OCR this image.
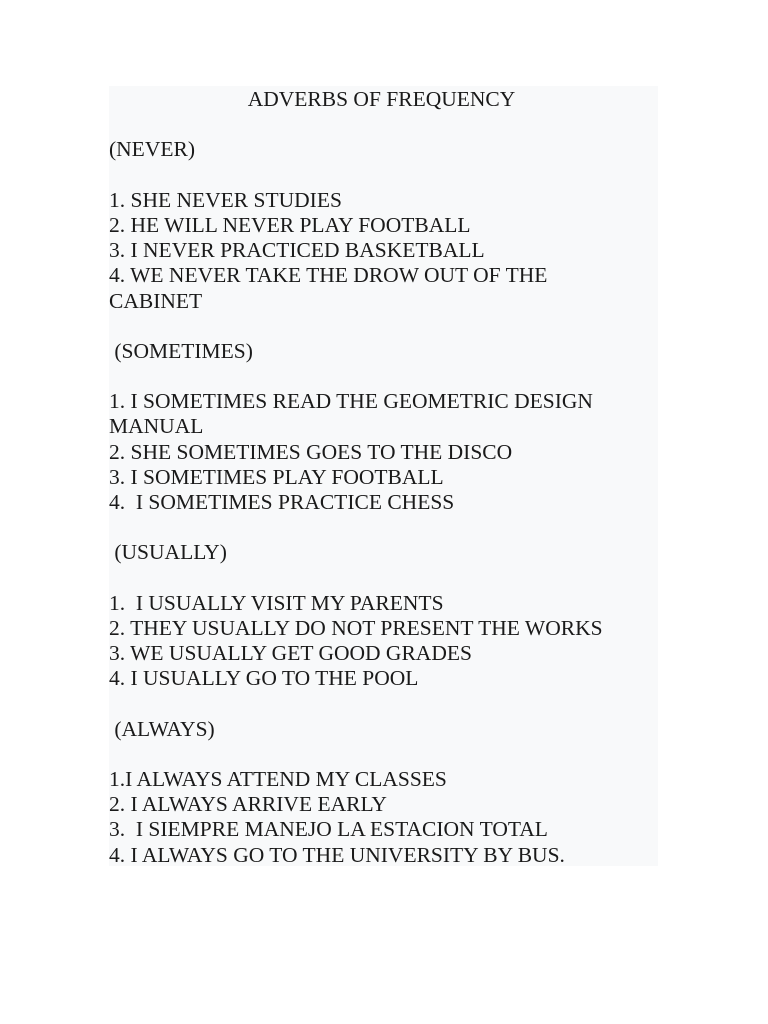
ADVERBS OF FREQUENCY
(NEVER)
1. SHE NEVER STUDIES
2. HE WILL NEVER PLAY FOOTBALL
3. I NEVER PRACTICED BASKETBALL
4. WE NEVER TAKE THE DROW OUT OF THE
CABINET
(SOMETIMES)
1. I SOMETIMES READ THE GEOMETRIC DESIGN
MANUAL
2. SHE SOMETIMES GOES TO THE DISCO
3. I SOMETIMES PLAY FOOTBALL
4.  I SOMETIMES PRACTICE CHESS
(USUALLY)
1.  I USUALLY VISIT MY PARENTS
2. THEY USUALLY DO NOT PRESENT THE WORKS
3. WE USUALLY GET GOOD GRADES
4. I USUALLY GO TO THE POOL
(ALWAYS)
1.I ALWAYS ATTEND MY CLASSES
2. I ALWAYS ARRIVE EARLY
3.  I SIEMPRE MANEJO LA ESTACION TOTAL
4. I ALWAYS GO TO THE UNIVERSITY BY BUS.
